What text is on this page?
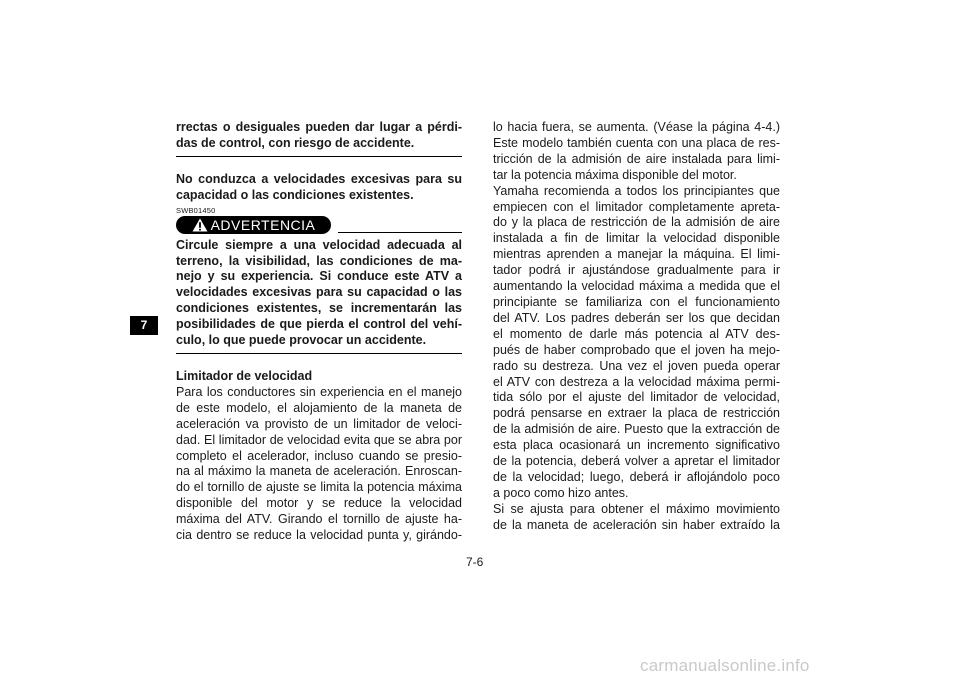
7
rrectas o desiguales pueden dar lugar a pérdi-
das de control, con riesgo de accidente.
No conduzca a velocidades excesivas para su
capacidad o las condiciones existentes.
SWB01450
ADVERTENCIA
Circule siempre a una velocidad adecuada al
terreno, la visibilidad, las condiciones de ma-
nejo y su experiencia. Si conduce este ATV a
velocidades excesivas para su capacidad o las
condiciones existentes, se incrementarán las
posibilidades de que pierda el control del vehí-
culo, lo que puede provocar un accidente.
Limitador de velocidad
Para los conductores sin experiencia en el manejo
de este modelo, el alojamiento de la maneta de
aceleración va provisto de un limitador de veloci-
dad. El limitador de velocidad evita que se abra por
completo el acelerador, incluso cuando se presio-
na al máximo la maneta de aceleración. Enroscan-
do el tornillo de ajuste se limita la potencia máxima
disponible del motor y se reduce la velocidad
máxima del ATV. Girando el tornillo de ajuste ha-
cia dentro se reduce la velocidad punta y, girándo-
lo hacia fuera, se aumenta. (Véase la página 4-4.)
Este modelo también cuenta con una placa de res-
tricción de la admisión de aire instalada para limi-
tar la potencia máxima disponible del motor.
Yamaha recomienda a todos los principiantes que
empiecen con el limitador completamente apreta-
do y la placa de restricción de la admisión de aire
instalada a fin de limitar la velocidad disponible
mientras aprenden a manejar la máquina. El limi-
tador podrá ir ajustándose gradualmente para ir
aumentando la velocidad máxima a medida que el
principiante se familiariza con el funcionamiento
del ATV. Los padres deberán ser los que decidan
el momento de darle más potencia al ATV des-
pués de haber comprobado que el joven ha mejo-
rado su destreza. Una vez el joven pueda operar
el ATV con destreza a la velocidad máxima permi-
tida sólo por el ajuste del limitador de velocidad,
podrá pensarse en extraer la placa de restricción
de la admisión de aire. Puesto que la extracción de
esta placa ocasionará un incremento significativo
de la potencia, deberá volver a apretar el limitador
de la velocidad; luego, deberá ir aflojándolo poco
a poco como hizo antes.
Si se ajusta para obtener el máximo movimiento
de la maneta de aceleración sin haber extraído la
7-6
carmanualsonline.info
